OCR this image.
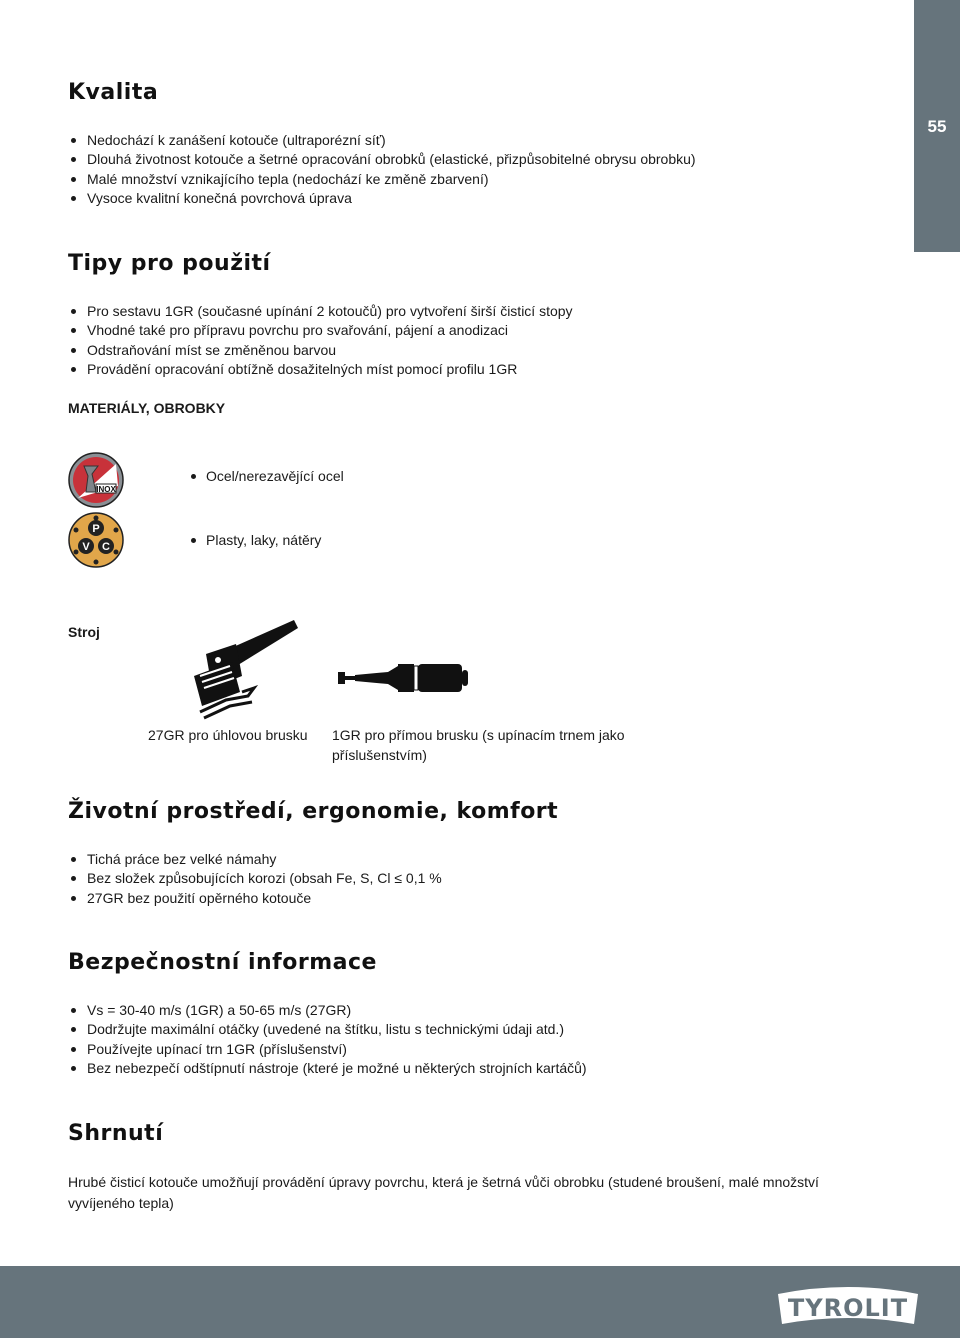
55
Kvalita
Nedochází k zanášení kotouče (ultraporézní síť)
Dlouhá životnost kotouče a šetrné opracování obrobků (elastické, přizpůsobitelné obrysu obrobku)
Malé množství vznikajícího tepla (nedochází ke změně zbarvení)
Vysoce kvalitní konečná povrchová úprava
Tipy pro použití
Pro sestavu 1GR (současné upínání 2 kotoučů) pro vytvoření širší čisticí stopy
Vhodné také pro přípravu povrchu pro svařování, pájení a anodizaci
Odstraňování míst se změněnou barvou
Provádění opracování obtížně dosažitelných míst pomocí profilu 1GR
MATERIÁLY, OBROBKY
INOX
Ocel/nerezavějící ocel
P
V C	Plasty, laky, nátěry
Stroj
27GR pro úhlovou brusku 1GR pro přímou brusku (s upínacím trnem jako
příslušenstvím)
Životní prostředí, ergonomie, komfort
Tichá práce bez velké námahy
Bez složek způsobujících korozi (obsah Fe, S, Cl ≤ 0,1 %
27GR bez použití opěrného kotouče
Bezpečnostní informace
Vs = 30-40 m/s (1GR) a 50-65 m/s (27GR)
Dodržujte maximální otáčky (uvedené na štítku, listu s technickými údaji atd.)
Používejte upínací trn 1GR (příslušenství)
Bez nebezpečí odštípnutí nástroje (které je možné u některých strojních kartáčů)
Shrnutí

Hrubé čisticí kotouče umožňují provádění úpravy povrchu, která je šetrná vůči obrobku (studené broušení, malé množství vyvíjeného tepla)

TYROLIT
